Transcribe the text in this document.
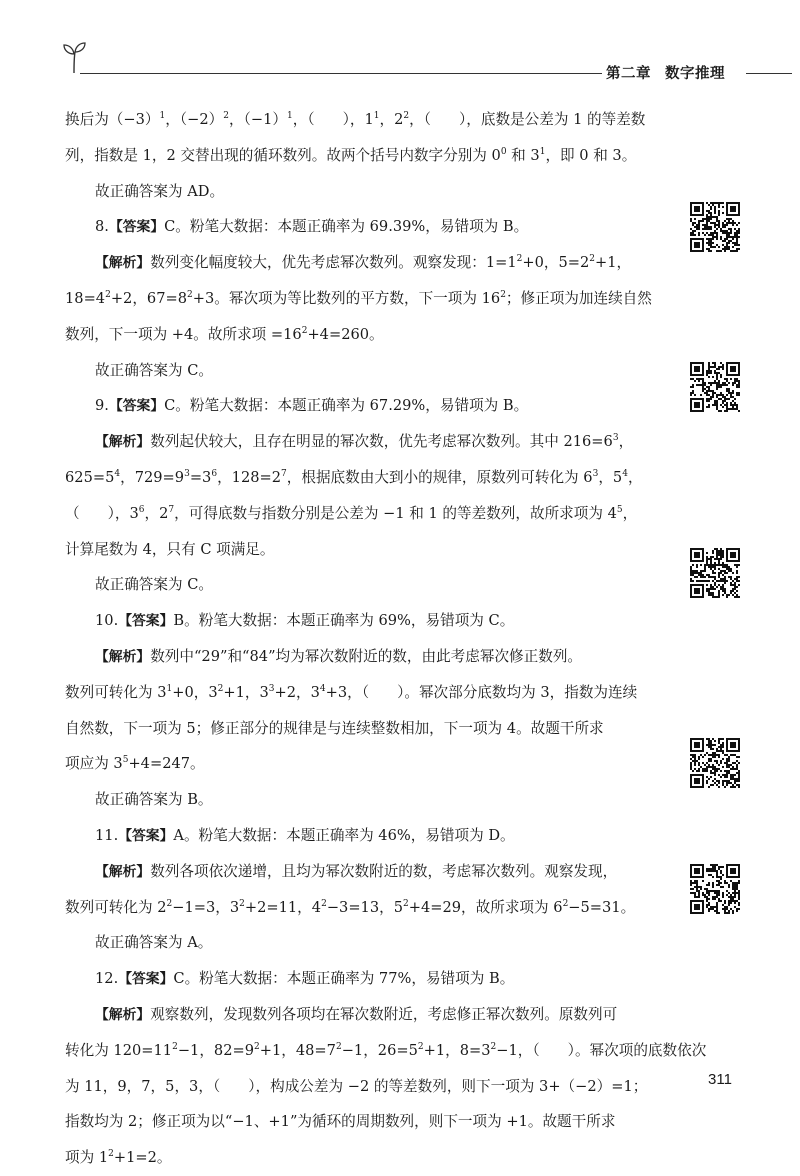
第二章 数字推理
换后为$(-3)^1$，$(-2)^2$，$(-1)^1$，（ ），$1^1$，$2^2$，（ ），底数是公差为 1 的等差数
列，指数是 1，2 交替出现的循环数列。故两个括号内数字分别为 $0^0$ 和 $3^1$，即 0 和 3。
故正确答案为 AD。
8.【答案】C。粉笔大数据：本题正确率为 69.39%，易错项为 B。
【解析】数列变化幅度较大，优先考虑幂次数列。观察发现：$1=1^2+0$，$5=2^2+1$，
$18=4^2+2$，$67=8^2+3$。幂次项为等比数列的平方数，下一项为 $16^2$；修正项为加连续自然
数列，下一项为 +4。故所求项 $=16^2+4=260$。
故正确答案为 C。
9.【答案】C。粉笔大数据：本题正确率为 67.29%，易错项为 B。
【解析】数列起伏较大，且存在明显的幂次数，优先考虑幂次数列。其中 $216=6^3$，
$625=5^4$，$729=9^3=3^6$，$128=2^7$，根据底数由大到小的规律，原数列可转化为 $6^3$，$5^4$，
（ ），$3^6$，$2^7$，可得底数与指数分别是公差为 −1 和 1 的等差数列，故所求项为 $4^5$，
计算尾数为 4，只有 C 项满足。
故正确答案为 C。
10.【答案】B。粉笔大数据：本题正确率为 69%，易错项为 C。
【解析】数列中“29”和“84”均为幂次数附近的数，由此考虑幂次修正数列。
数列可转化为 $3^1+0$，$3^2+1$，$3^3+2$，$3^4+3$，（ ）。幂次部分底数均为 3，指数为连续
自然数，下一项为 5；修正部分的规律是与连续整数相加，下一项为 4。故题干所求
项应为 $3^5+4=247$。
故正确答案为 B。
11.【答案】A。粉笔大数据：本题正确率为 46%，易错项为 D。
【解析】数列各项依次递增，且均为幂次数附近的数，考虑幂次数列。观察发现，
数列可转化为 $2^2-1=3$，$3^2+2=11$，$4^2-3=13$，$5^2+4=29$，故所求项为 $6^2-5=31$。
故正确答案为 A。
12.【答案】C。粉笔大数据：本题正确率为 77%，易错项为 B。
【解析】观察数列，发现数列各项均在幂次数附近，考虑修正幂次数列。原数列可
转化为 $120=11^2-1$，$82=9^2+1$，$48=7^2-1$，$26=5^2+1$，$8=3^2-1$，（ ）。幂次项的底数依次
为 11，9，7，5，3，（ ），构成公差为 −2 的等差数列，则下一项为 3+（−2）=1；
指数均为 2；修正项为以“−1、+1”为循环的周期数列，则下一项为 +1。故题干所求
项为 $1^2+1=2$。
311
